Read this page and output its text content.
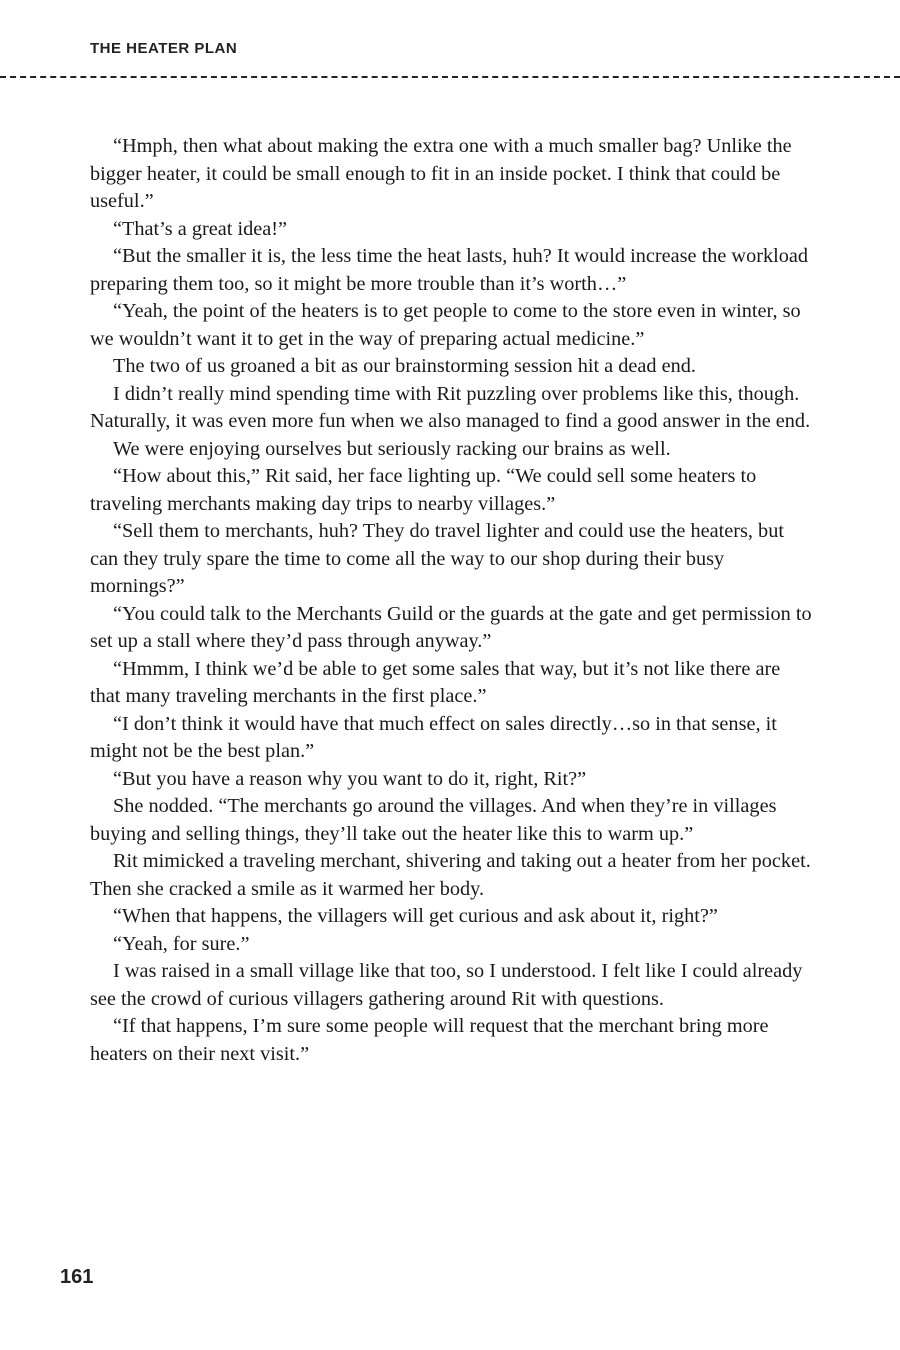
THE HEATER PLAN

“Hmph, then what about making the extra one with a much smaller bag? Unlike the bigger heater, it could be small enough to fit in an inside pocket. I think that could be useful.”

“That’s a great idea!”

“But the smaller it is, the less time the heat lasts, huh? It would increase the workload preparing them too, so it might be more trouble than it’s worth…”

“Yeah, the point of the heaters is to get people to come to the store even in winter, so we wouldn’t want it to get in the way of preparing actual medicine.”

The two of us groaned a bit as our brainstorming session hit a dead end.

I didn’t really mind spending time with Rit puzzling over problems like this, though. Naturally, it was even more fun when we also managed to find a good answer in the end.

We were enjoying ourselves but seriously racking our brains as well.

“How about this,” Rit said, her face lighting up. “We could sell some heaters to traveling merchants making day trips to nearby villages.”

“Sell them to merchants, huh? They do travel lighter and could use the heaters, but can they truly spare the time to come all the way to our shop during their busy mornings?”

“You could talk to the Merchants Guild or the guards at the gate and get permission to set up a stall where they’d pass through anyway.”

“Hmmm, I think we’d be able to get some sales that way, but it’s not like there are that many traveling merchants in the first place.”

“I don’t think it would have that much effect on sales directly…so in that sense, it might not be the best plan.”

“But you have a reason why you want to do it, right, Rit?”

She nodded. “The merchants go around the villages. And when they’re in villages buying and selling things, they’ll take out the heater like this to warm up.”

Rit mimicked a traveling merchant, shivering and taking out a heater from her pocket. Then she cracked a smile as it warmed her body.

“When that happens, the villagers will get curious and ask about it, right?”

“Yeah, for sure.”

I was raised in a small village like that too, so I understood. I felt like I could already see the crowd of curious villagers gathering around Rit with questions.

“If that happens, I’m sure some people will request that the merchant bring more heaters on their next visit.”

161
